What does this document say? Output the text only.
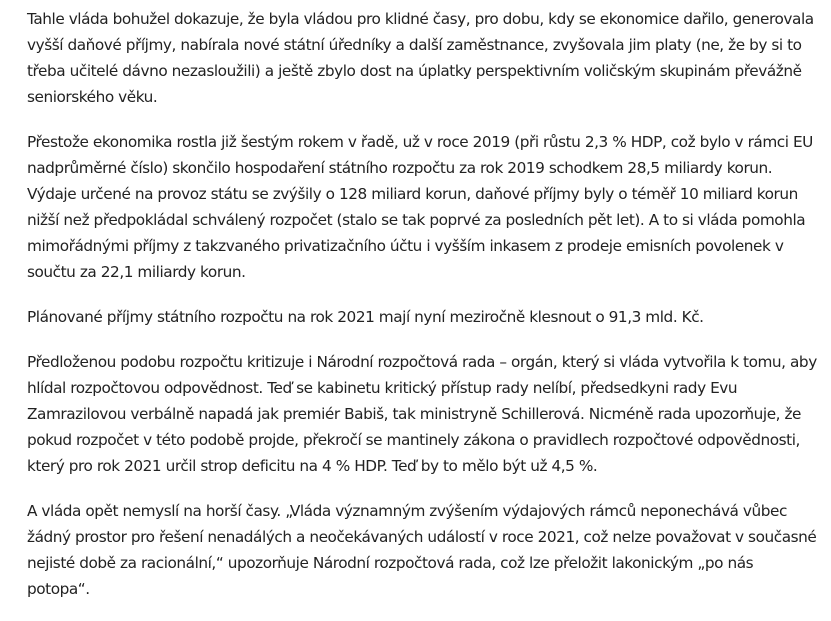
Tahle vláda bohužel dokazuje, že byla vládou pro klidné časy, pro dobu, kdy se ekonomice dařilo, generovala vyšší daňové příjmy, nabírala nové státní úředníky a další zaměstnance, zvyšovala jim platy (ne, že by si to třeba učitelé dávno nezasloužili) a ještě zbylo dost na úplatky perspektivním voličským skupinám převážně seniorského věku.

Přestože ekonomika rostla již šestým rokem v řadě, už v roce 2019 (při růstu 2,3 % HDP, což bylo v rámci EU nadprůměrné číslo) skončilo hospodaření státního rozpočtu za rok 2019 schodkem 28,5 miliardy korun. Výdaje určené na provoz státu se zvýšily o 128 miliard korun, daňové příjmy byly o téměř 10 miliard korun nižší než předpokládal schválený rozpočet (stalo se tak poprvé za posledních pět let). A to si vláda pomohla mimořádnými příjmy z takzvaného privatizačního účtu i vyšším inkasem z prodeje emisních povolenek v součtu za 22,1 miliardy korun.

Plánované příjmy státního rozpočtu na rok 2021 mají nyní meziročně klesnout o 91,3 mld. Kč.

Předloženou podobu rozpočtu kritizuje i Národní rozpočtová rada – orgán, který si vláda vytvořila k tomu, aby hlídal rozpočtovou odpovědnost. Teď se kabinetu kritický přístup rady nelíbí, předsedkyni rady Evu Zamrazilovou verbálně napadá jak premiér Babiš, tak ministryně Schillerová. Nicméně rada upozorňuje, že pokud rozpočet v této podobě projde, překročí se mantinely zákona o pravidlech rozpočtové odpovědnosti, který pro rok 2021 určil strop deficitu na 4 % HDP. Teď by to mělo být už 4,5 %.

A vláda opět nemyslí na horší časy. „Vláda významným zvýšením výdajových rámců neponechává vůbec žádný prostor pro řešení nenadálých a neočekávaných událostí v roce 2021, což nelze považovat v současné nejisté době za racionální,“ upozorňuje Národní rozpočtová rada, což lze přeložit lakonickým „po nás potopa“.
